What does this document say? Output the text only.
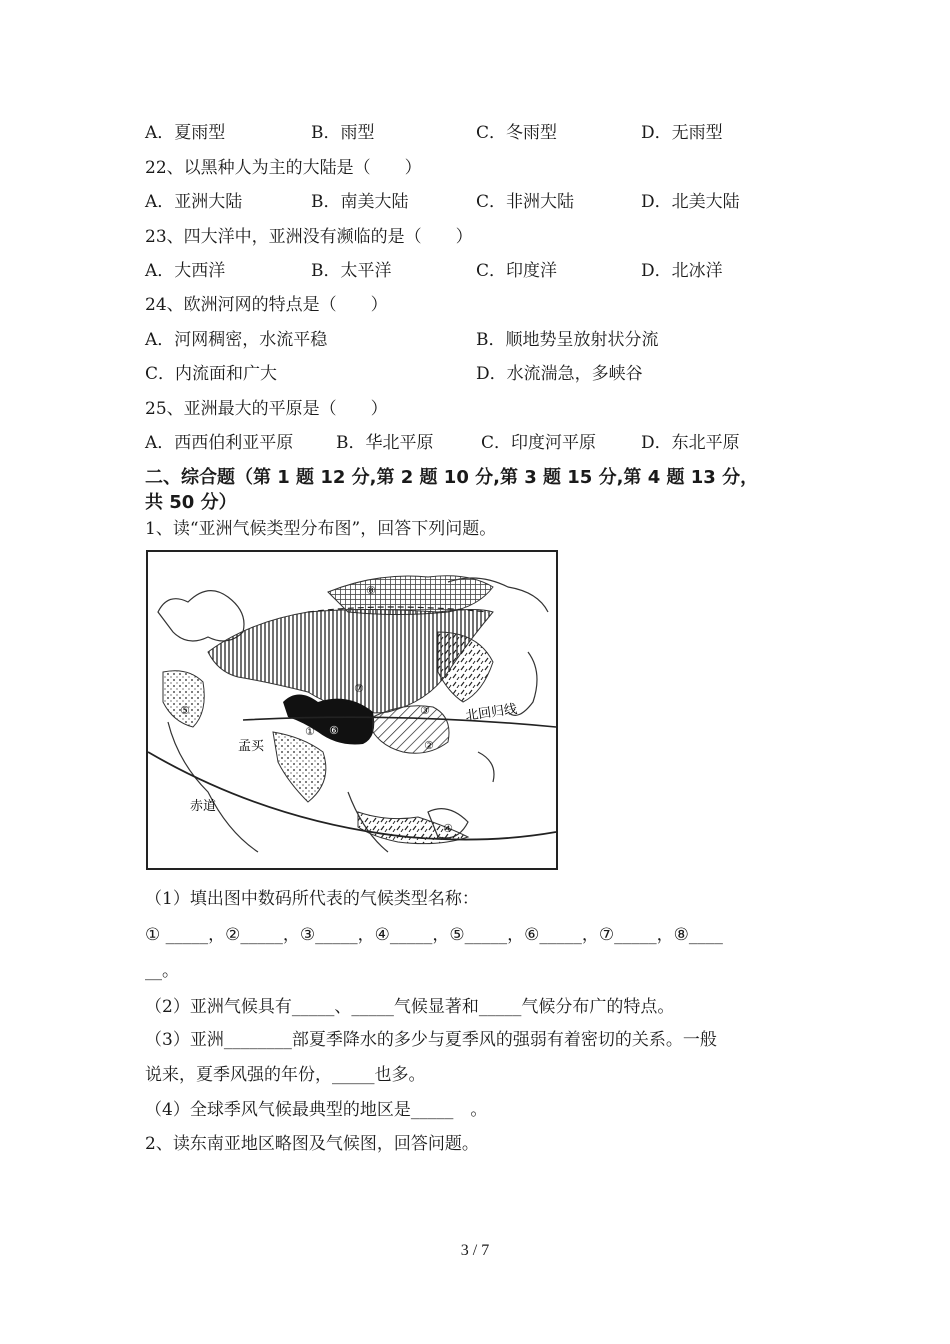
A．夏雨型	B．雨型	C．冬雨型	D．无雨型
22、以黑种人为主的大陆是（　　）
A．亚洲大陆	B．南美大陆	C．非洲大陆	D．北美大陆
23、四大洋中，亚洲没有濒临的是（　　）
A．大西洋	B．太平洋	C．印度洋	D．北冰洋
24、欧洲河网的特点是（　　）
A．河网稠密，水流平稳	B．顺地势呈放射状分流
C．内流面和广大	D．水流湍急，多峡谷
25、亚洲最大的平原是（　　）
A．西西伯利亚平原	B．华北平原	C．印度河平原	D．东北平原
二、综合题（第 1 题 12 分,第 2 题 10 分,第 3 题 15 分,第 4 题 13 分，
共 50 分）
1、读“亚洲气候类型分布图”，回答下列问题。
北回归线
赤道
孟买
①
②
③
④
⑤
⑥
⑦
⑧
（1）填出图中数码所代表的气候类型名称：
① _____，②_____，③_____，④_____，⑤_____，⑥_____，⑦_____，⑧____
__。
（2）亚洲气候具有_____、_____气候显著和_____气候分布广的特点。
（3）亚洲________部夏季降水的多少与夏季风的强弱有着密切的关系。一般
说来，夏季风强的年份，_____也多。
（4）全球季风气候最典型的地区是_____　。
2、读东南亚地区略图及气候图，回答问题。
3 / 7
